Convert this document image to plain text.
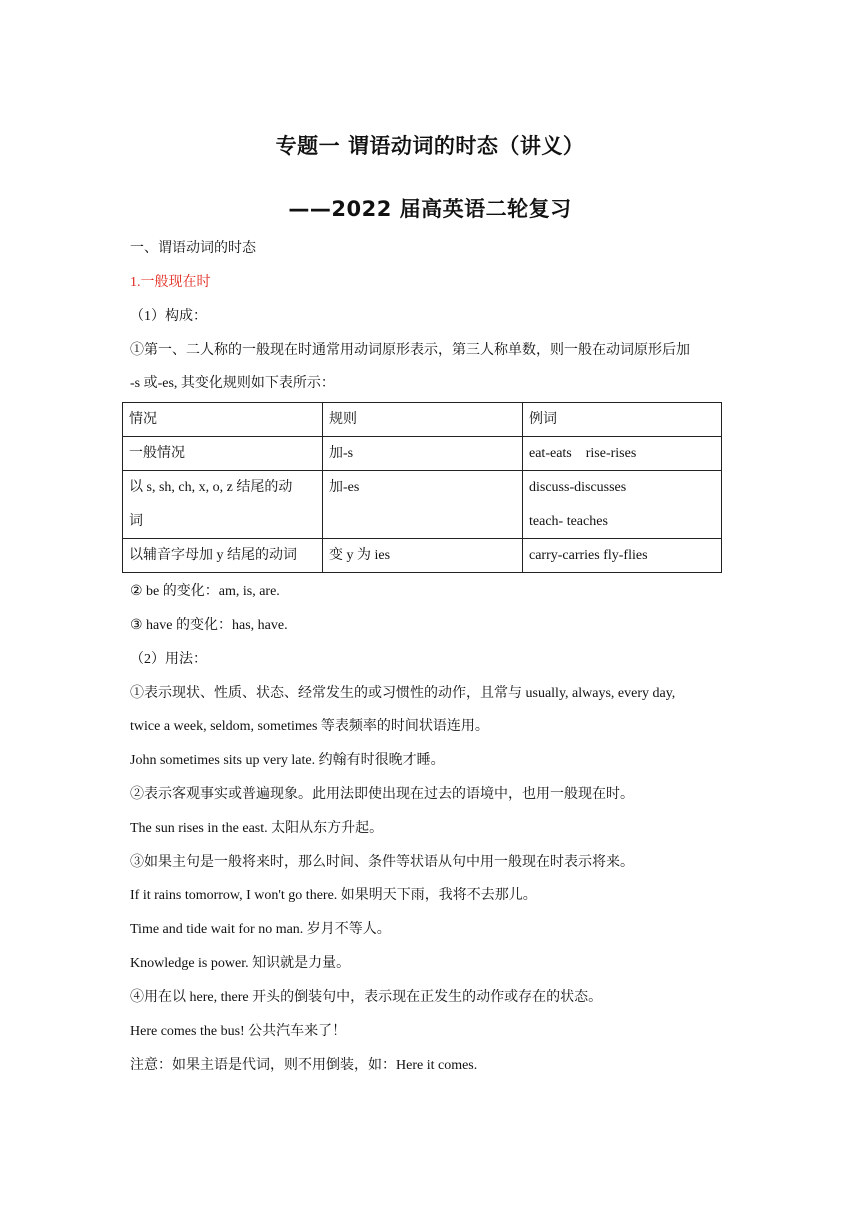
专题一 谓语动词的时态（讲义）
——2022 届高英语二轮复习
一、谓语动词的时态
1.一般现在时
（1）构成：
①第一、二人称的一般现在时通常用动词原形表示，第三人称单数，则一般在动词原形后加
-s 或-es, 其变化规则如下表所示：
情况	规则	例词
一般情况	加-s	eat-eats    rise-rises

以 s, sh, ch, x, o, z 结尾的动
词	加-es	discuss-discusses
teach- teaches

以辅音字母加 y 结尾的动词	变 y 为 ies	carry-carries fly-flies
② be 的变化：am, is, are.
③ have 的变化：has, have.
（2）用法：
①表示现状、性质、状态、经常发生的或习惯性的动作，且常与 usually, always, every day,
twice a week, seldom, sometimes 等表频率的时间状语连用。
John sometimes sits up very late. 约翰有时很晚才睡。
②表示客观事实或普遍现象。此用法即使出现在过去的语境中，也用一般现在时。
The sun rises in the east. 太阳从东方升起。
③如果主句是一般将来时，那么时间、条件等状语从句中用一般现在时表示将来。
If it rains tomorrow, I won't go there. 如果明天下雨，我将不去那儿。
Time and tide wait for no man. 岁月不等人。
Knowledge is power. 知识就是力量。
④用在以 here, there 开头的倒装句中，表示现在正发生的动作或存在的状态。
Here comes the bus! 公共汽车来了！
注意：如果主语是代词，则不用倒装，如：Here it comes.
